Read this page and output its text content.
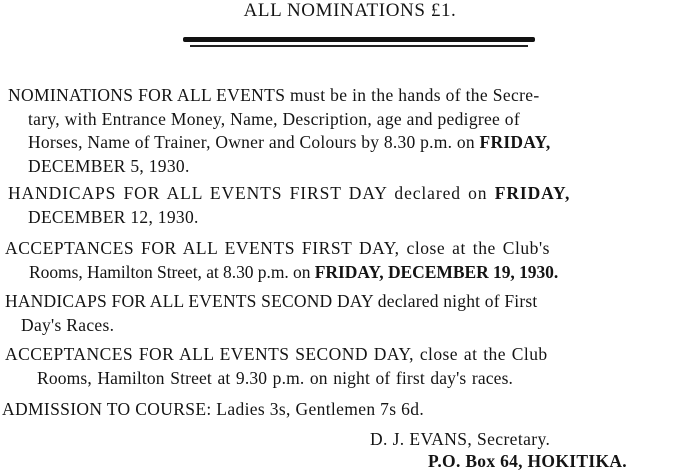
ALL NOMINATIONS £1.
NOMINATIONS FOR ALL EVENTS must be in the hands of the Secre-
tary, with Entrance Money, Name, Description, age and pedigree of
Horses, Name of Trainer, Owner and Colours by 8.30 p.m. on FRIDAY,
DECEMBER 5, 1930.
HANDICAPS FOR ALL EVENTS FIRST DAY declared on FRIDAY,
DECEMBER 12, 1930.
ACCEPTANCES FOR ALL EVENTS FIRST DAY, close at the Club's
Rooms, Hamilton Street, at 8.30 p.m. on FRIDAY, DECEMBER 19, 1930.
HANDICAPS FOR ALL EVENTS SECOND DAY declared night of First
Day's Races.
ACCEPTANCES FOR ALL EVENTS SECOND DAY, close at the Club
Rooms, Hamilton Street at 9.30 p.m. on night of first day's races.
ADMISSION TO COURSE: Ladies 3s, Gentlemen 7s 6d.
D. J. EVANS, Secretary.
P.O. Box 64, HOKITIKA.
